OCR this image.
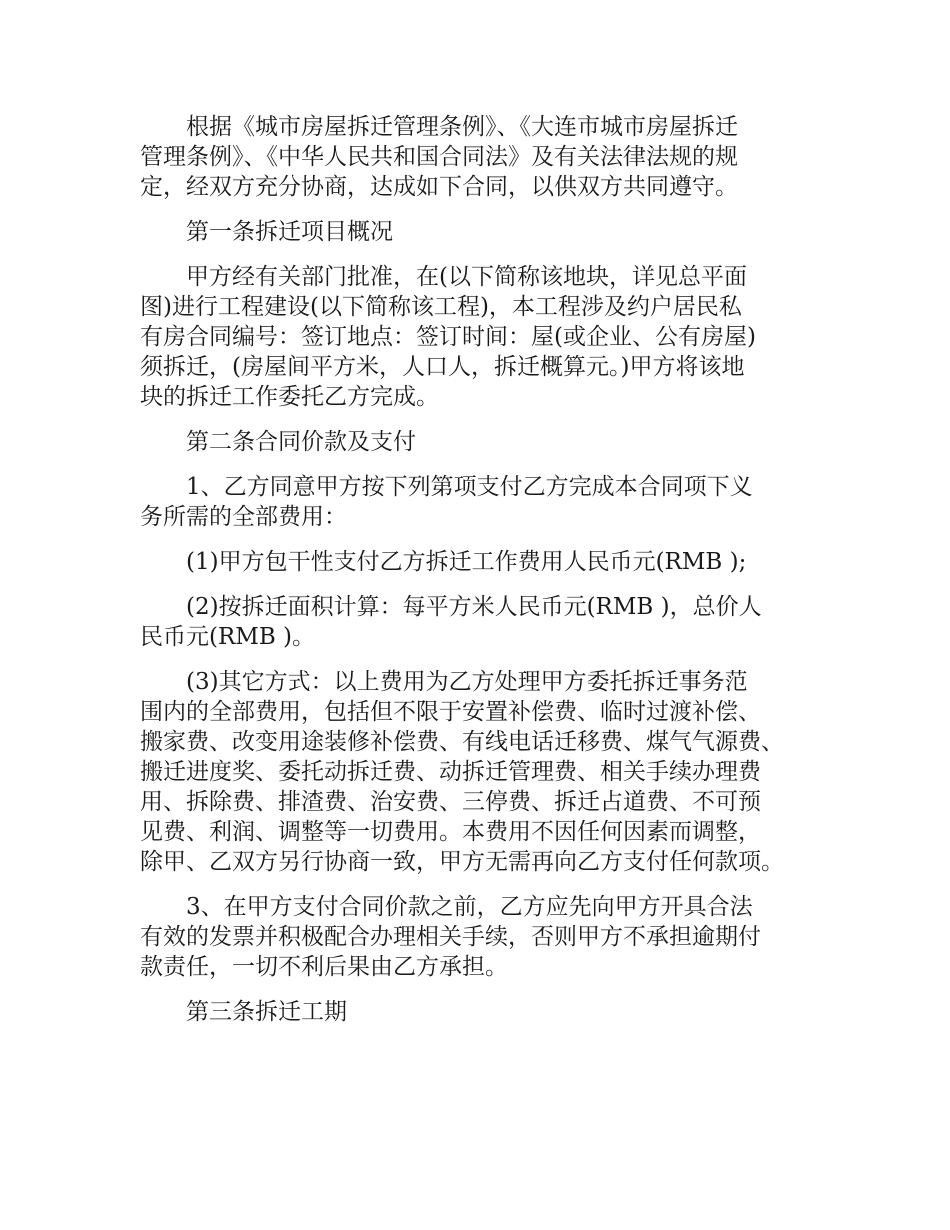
根据《城市房屋拆迁管理条例》、《大连市城市房屋拆迁
管理条例》、《中华人民共和国合同法》及有关法律法规的规
定，经双方充分协商，达成如下合同，以供双方共同遵守。
第一条拆迁项目概况
甲方经有关部门批准，在(以下简称该地块，详见总平面
图)进行工程建设(以下简称该工程)，本工程涉及约户居民私
有房合同编号：签订地点：签订时间：屋(或企业、公有房屋)
须拆迁，(房屋间平方米，人口人，拆迁概算元。)甲方将该地
块的拆迁工作委托乙方完成。
第二条合同价款及支付
1、乙方同意甲方按下列第项支付乙方完成本合同项下义
务所需的全部费用：
(1)甲方包干性支付乙方拆迁工作费用人民币元(RMB );
(2)按拆迁面积计算：每平方米人民币元(RMB )，总价人
民币元(RMB )。
(3)其它方式：以上费用为乙方处理甲方委托拆迁事务范
围内的全部费用，包括但不限于安置补偿费、临时过渡补偿、
搬家费、改变用途装修补偿费、有线电话迁移费、煤气气源费、
搬迁进度奖、委托动拆迁费、动拆迁管理费、相关手续办理费
用、拆除费、排渣费、治安费、三停费、拆迁占道费、不可预
见费、利润、调整等一切费用。本费用不因任何因素而调整，
除甲、乙双方另行协商一致，甲方无需再向乙方支付任何款项。
3、在甲方支付合同价款之前，乙方应先向甲方开具合法
有效的发票并积极配合办理相关手续，否则甲方不承担逾期付
款责任，一切不利后果由乙方承担。
第三条拆迁工期
